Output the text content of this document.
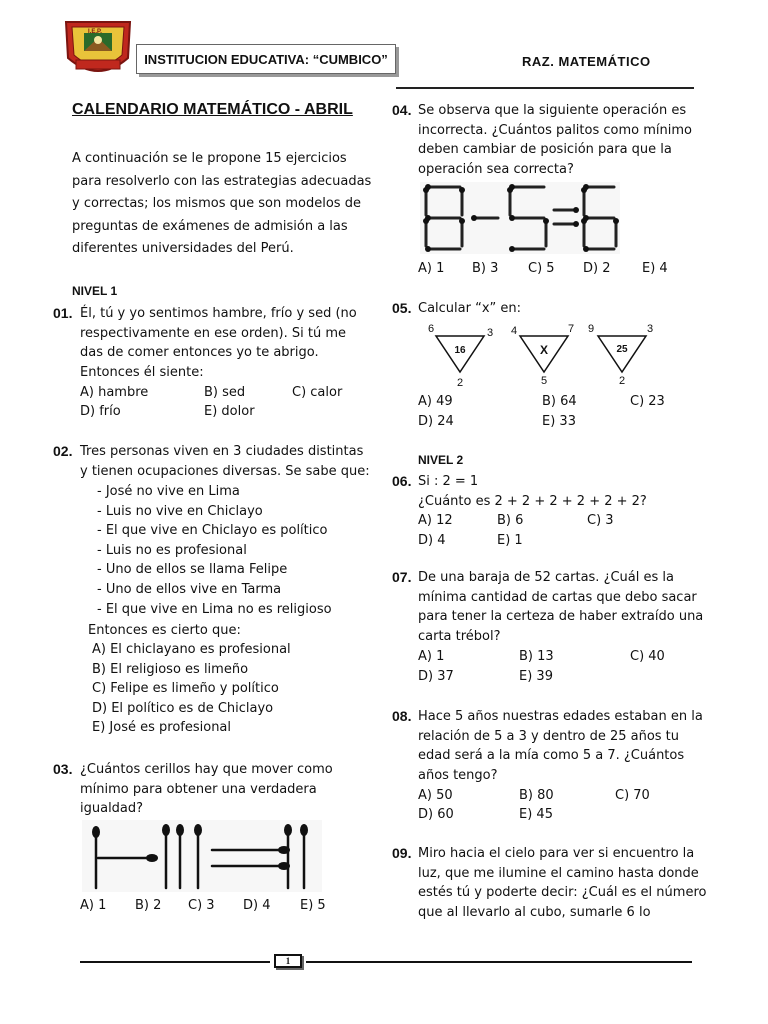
I.E.P.
INSTITUCION EDUCATIVA: “CUMBICO”	RAZ. MATEMÁTICO
CALENDARIO MATEMÁTICO - ABRIL
A continuación se le propone 15 ejercicios
para resolverlo con las estrategias adecuadas
y correctas; los mismos que son modelos de
preguntas de exámenes de admisión a las
diferentes universidades del Perú.
NIVEL 1
01. Él, tú y yo sentimos hambre, frío y sed (no
respectivamente en ese orden). Si tú me
das de comer entonces yo te abrigo.
Entonces él siente:
A) hambre	B) sed	C) calor
D) frío	E) dolor
02. Tres personas viven en 3 ciudades distintas
y tienen ocupaciones diversas. Se sabe que:
- José no vive en Lima
- Luis no vive en Chiclayo
- El que vive en Chiclayo es político
- Luis no es profesional
- Uno de ellos se llama Felipe
- Uno de ellos vive en Tarma
- El que vive en Lima no es religioso
Entonces es cierto que:
A) El chiclayano es profesional
B) El religioso es limeño
C) Felipe es limeño y político
D) El político es de Chiclayo
E) José es profesional
03. ¿Cuántos cerillos hay que mover como
mínimo para obtener una verdadera
igualdad?
A) 1 B) 2 C) 3 D) 4 E) 5
04. Se observa que la siguiente operación es
incorrecta. ¿Cuántos palitos como mínimo
deben cambiar de posición para que la
operación sea correcta?
A) 1 B) 3 C) 5 D) 2 E) 4
05. Calcular “x” en:
6	3
16
2
4	7
X
5
9	3
25
2
A) 49	B) 64	C) 23
D) 24	E) 33
NIVEL 2
06. Si : 2 = 1
¿Cuánto es 2 + 2 + 2 + 2 + 2 + 2?
A) 12	B) 6	C) 3
D) 4	E) 1
07. De una baraja de 52 cartas. ¿Cuál es la
mínima cantidad de cartas que debo sacar
para tener la certeza de haber extraído una
carta trébol?
A) 1	B) 13	C) 40
D) 37	E) 39
08. Hace 5 años nuestras edades estaban en la
relación de 5 a 3 y dentro de 25 años tu
edad será a la mía como 5 a 7. ¿Cuántos
años tengo?
A) 50	B) 80	C) 70
D) 60	E) 45
09. Miro hacia el cielo para ver si encuentro la
luz, que me ilumine el camino hasta donde
estés tú y poderte decir: ¿Cuál es el número
que al llevarlo al cubo, sumarle 6 lo
1
